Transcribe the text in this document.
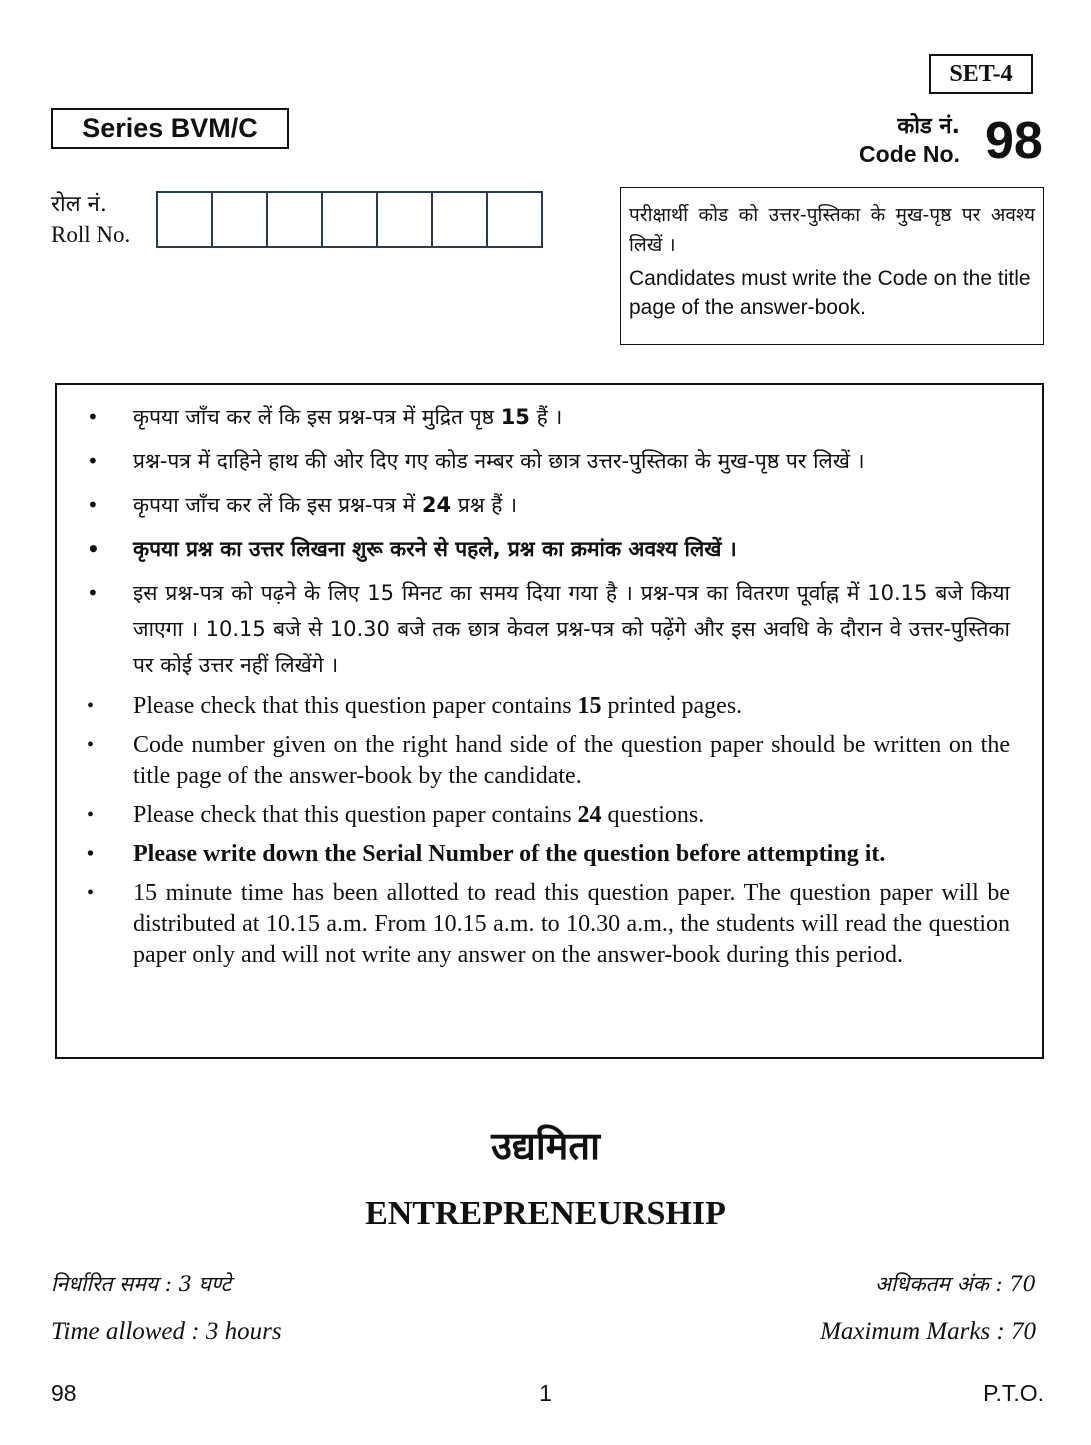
SET-4
Series BVM/C	कोड नं.
Code No. 98
रोल नं.
Roll No.
परीक्षार्थी कोड को उत्तर-पुस्तिका के मुख-पृष्ठ पर अवश्य लिखें ।
Candidates must write the Code on the title page of the answer-book.
• कृपया जाँच कर लें कि इस प्रश्न-पत्र में मुद्रित पृष्ठ 15 हैं ।
• प्रश्न-पत्र में दाहिने हाथ की ओर दिए गए कोड नम्बर को छात्र उत्तर-पुस्तिका के मुख-पृष्ठ पर लिखें ।
• कृपया जाँच कर लें कि इस प्रश्न-पत्र में 24 प्रश्न हैं ।
• कृपया प्रश्न का उत्तर लिखना शुरू करने से पहले, प्रश्न का क्रमांक अवश्य लिखें ।
• इस प्रश्न-पत्र को पढ़ने के लिए 15 मिनट का समय दिया गया है । प्रश्न-पत्र का वितरण पूर्वाह्न में 10.15 बजे किया जाएगा । 10.15 बजे से 10.30 बजे तक छात्र केवल प्रश्न-पत्र को पढ़ेंगे और इस अवधि के दौरान वे उत्तर-पुस्तिका पर कोई उत्तर नहीं लिखेंगे ।
• Please check that this question paper contains 15 printed pages.
• Code number given on the right hand side of the question paper should be written on the title page of the answer-book by the candidate.
• Please check that this question paper contains 24 questions.
• Please write down the Serial Number of the question before attempting it.
• 15 minute time has been allotted to read this question paper. The question paper will be distributed at 10.15 a.m. From 10.15 a.m. to 10.30 a.m., the students will read the question paper only and will not write any answer on the answer-book during this period.
उद्यमिता
ENTREPRENEURSHIP
निर्धारित समय : 3 घण्टे
Time allowed : 3 hours
अधिकतम अंक : 70
Maximum Marks : 70
98	1	P.T.O.
